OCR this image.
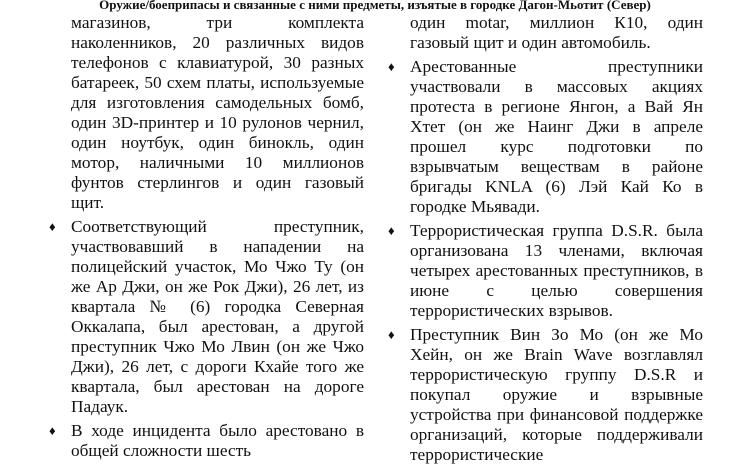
Оружие/боеприпасы и связанные с ними предметы, изъятые в городке Дагон-Мьотит (Север)

магазинов, три комплекта наколенников, 20 различных видов телефонов с клавиатурой, 30 разных батареек, 50 схем платы, используемые для изготовления самодельных бомб, один 3D-принтер и 10 рулонов чернил, один ноутбук, один бинокль, один мотор, наличными 10 миллионов фунтов стерлингов и один газовый щит.

♦ Соответствующий преступник, участвовавший в нападении на полицейский участок, Мо Чжо Ту (он же Ар Джи, он же Рок Джи), 26 лет, из квартала № (6) городка Северная Оккалапа, был арестован, а другой преступник Чжо Мо Лвин (он же Чжо Джи), 26 лет, с дороги Кхайе того же квартала, был арестован на дороге Падаук.

♦ В ходе инцидента было арестовано в общей сложности шесть

один motar, миллион К10, один газовый щит и один автомобиль.

♦ Арестованные преступники участвовали в массовых акциях протеста в регионе Янгон, а Вай Ян Хтет (он же Наинг Джи в апреле прошел курс подготовки по взрывчатым веществам в районе бригады KNLA (6) Лэй Кай Ко в городке Мьявади.

♦ Террористическая группа D.S.R. была организована 13 членами, включая четырех арестованных преступников, в июне с целью совершения террористических взрывов.

♦ Преступник Вин Зо Мо (он же Мо Хейн, он же Brain Wave возглавлял террористическую группу D.S.R и покупал оружие и взрывные устройства при финансовой поддержке организаций, которые поддерживали террористические
